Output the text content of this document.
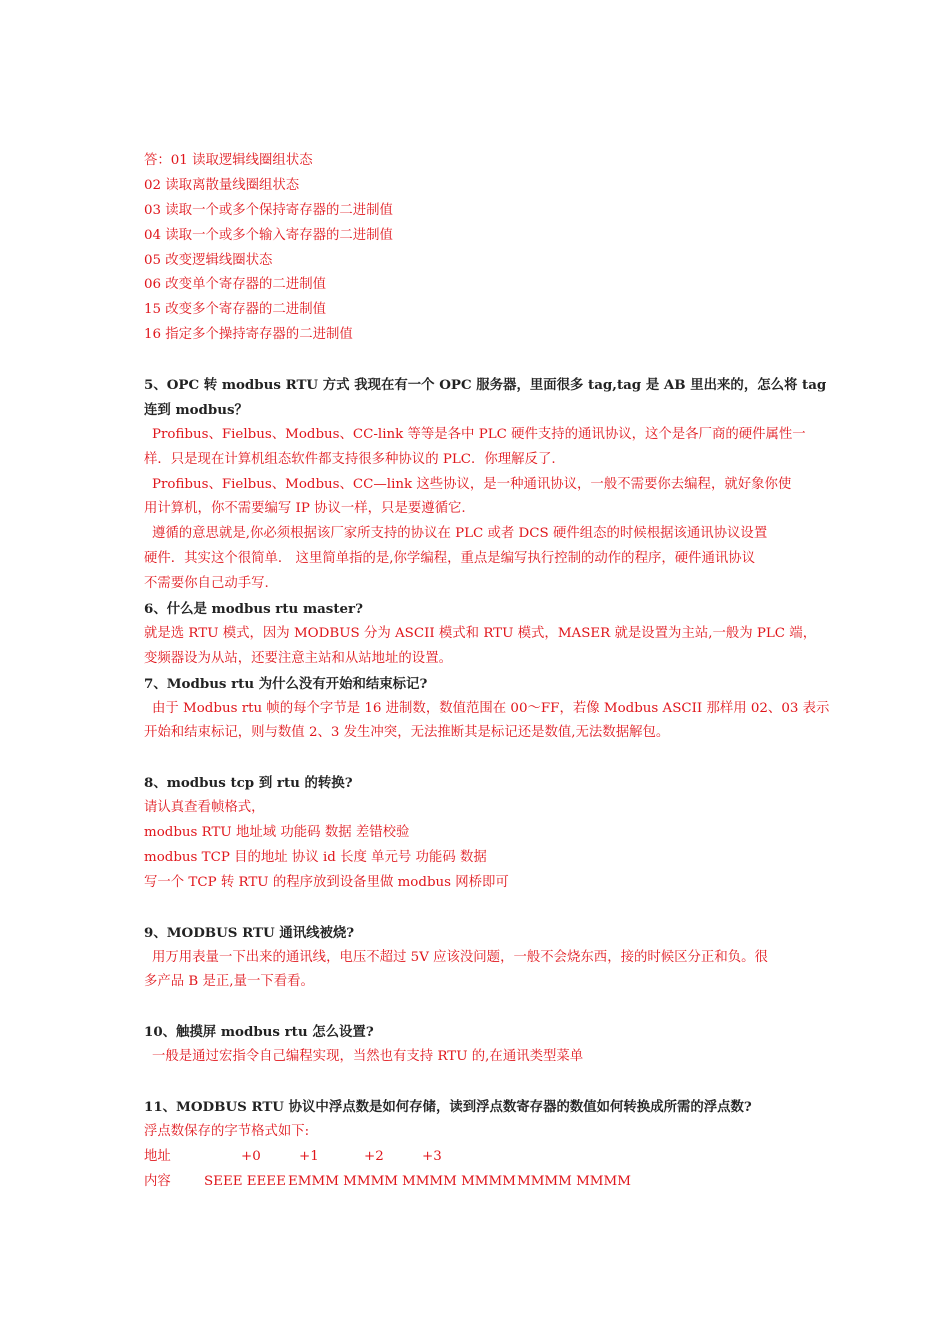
答：01 读取逻辑线圈组状态
02 读取离散量线圈组状态
03 读取一个或多个保持寄存器的二进制值
04 读取一个或多个输入寄存器的二进制值
05 改变逻辑线圈状态
06 改变单个寄存器的二进制值
15 改变多个寄存器的二进制值
16 指定多个操持寄存器的二进制值
5、OPC 转 modbus RTU 方式 我现在有一个 OPC 服务器，里面很多 tag,tag 是 AB 里出来的，怎么将 tag
连到 modbus？
Profibus、Fielbus、Modbus、CC-link 等等是各中 PLC 硬件支持的通讯协议，这个是各厂商的硬件属性一
样．只是现在计算机组态软件都支持很多种协议的 PLC．你理解反了.
Profibus、Fielbus、Modbus、CC—link 这些协议，是一种通讯协议，一般不需要你去编程，就好象你使
用计算机，你不需要编写 IP 协议一样，只是要遵循它.
遵循的意思就是,你必须根据该厂家所支持的协议在 PLC 或者 DCS 硬件组态的时候根据该通讯协议设置
硬件．其实这个很简单． 这里简单指的是,你学编程，重点是编写执行控制的动作的程序，硬件通讯协议
不需要你自己动手写.
6、什么是 modbus rtu master?
就是选 RTU 模式，因为 MODBUS 分为 ASCII 模式和 RTU 模式，MASER 就是设置为主站,一般为 PLC 端，
变频器设为从站，还要注意主站和从站地址的设置。
7、Modbus rtu 为什么没有开始和结束标记?
由于 Modbus rtu 帧的每个字节是 16 进制数，数值范围在 00～FF，若像 Modbus ASCII 那样用 02、03 表示
开始和结束标记，则与数值 2、3 发生冲突，无法推断其是标记还是数值,无法数据解包。
8、modbus tcp 到 rtu 的转换?
请认真查看帧格式，
modbus RTU 地址域 功能码 数据 差错校验
modbus TCP 目的地址 协议 id 长度 单元号 功能码 数据
写一个 TCP 转 RTU 的程序放到设备里做 modbus 网桥即可
9、MODBUS RTU 通讯线被烧?
用万用表量一下出来的通讯线，电压不超过 5V 应该没问题，一般不会烧东西，接的时候区分正和负。很
多产品 B 是正,量一下看看。
10、触摸屏 modbus rtu 怎么设置?
一般是通过宏指令自己编程实现，当然也有支持 RTU 的,在通讯类型菜单
11、MODBUS RTU 协议中浮点数是如何存储，读到浮点数寄存器的数值如何转换成所需的浮点数?
浮点数保存的字节格式如下:
地址	+0	+1	+2	+3
内容 SEEE EEEE EMMM MMMM MMMM MMMMMMMM MMMM
